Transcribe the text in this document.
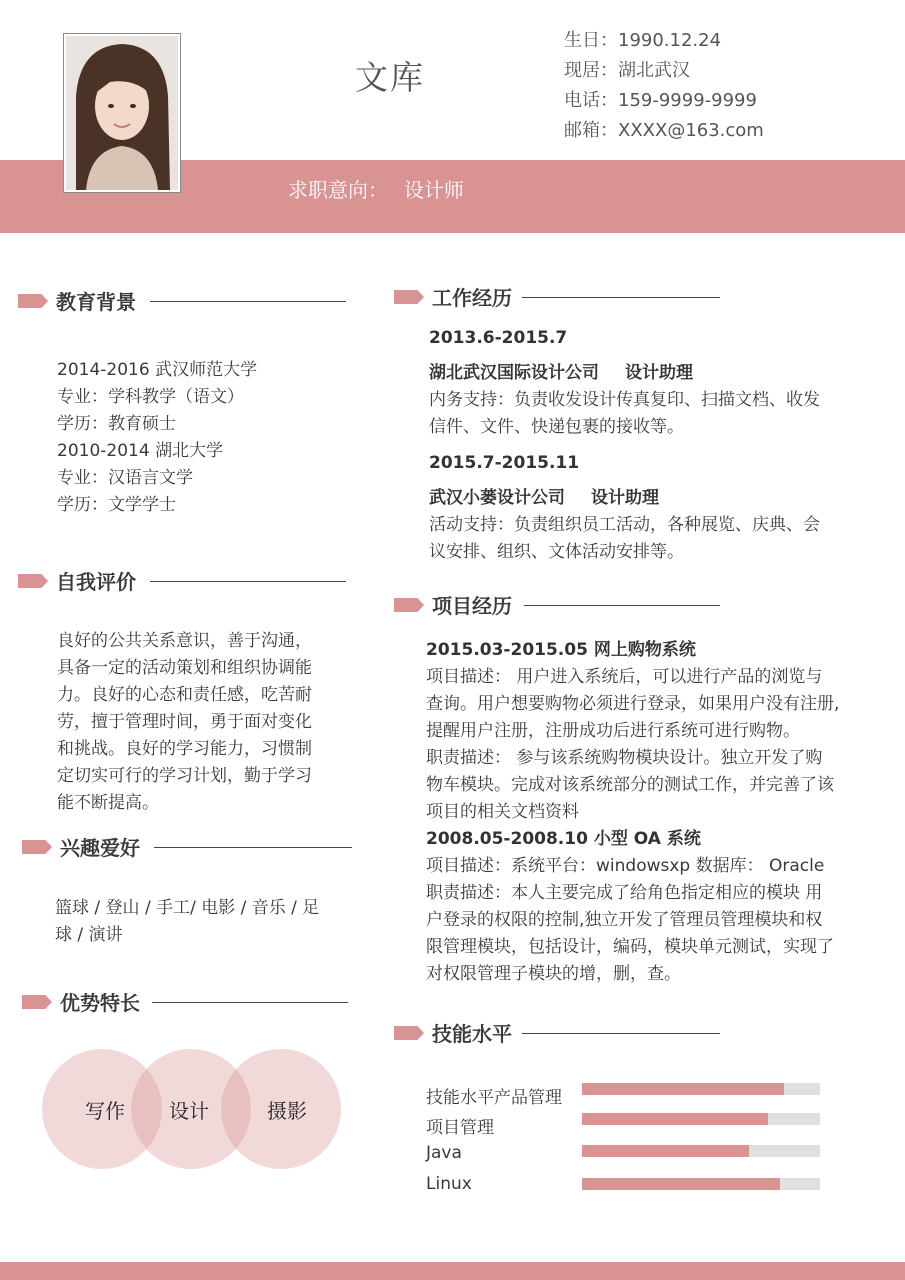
文库
生日：1990.12.24
现居：湖北武汉
电话：159-9999-9999
邮箱：XXXX@163.com
求职意向： 设计师
教育背景
2014-2016 武汉师范大学
专业：学科教学（语文）
学历：教育硕士
2010-2014 湖北大学
专业：汉语言文学
学历：文学学士
自我评价
良好的公共关系意识，善于沟通，
具备一定的活动策划和组织协调能
力。良好的心态和责任感，吃苦耐
劳，擅于管理时间，勇于面对变化
和挑战。良好的学习能力，习惯制
定切实可行的学习计划，勤于学习
能不断提高。
兴趣爱好
篮球 / 登山 / 手工/ 电影 / 音乐 / 足
球 / 演讲
优势特长
写作	设计	摄影
工作经历
2013.6-2015.7
湖北武汉国际设计公司 设计助理
内务支持：负责收发设计传真复印、扫描文档、收发
信件、文件、快递包裹的接收等。
2015.7-2015.11
武汉小蒌设计公司 设计助理
活动支持：负责组织员工活动，各种展览、庆典、会
议安排、组织、文体活动安排等。
项目经历
2015.03-2015.05 网上购物系统
项目描述： 用户进入系统后，可以进行产品的浏览与
查询。用户想要购物必须进行登录，如果用户没有注册,
提醒用户注册，注册成功后进行系统可进行购物。
职责描述： 参与该系统购物模块设计。独立开发了购
物车模块。完成对该系统部分的测试工作，并完善了该
项目的相关文档资料
2008.05-2008.10 小型 OA 系统
项目描述：系统平台：windowsxp 数据库： Oracle
职责描述：本人主要完成了给角色指定相应的模块 用
户登录的权限的控制,独立开发了管理员管理模块和权
限管理模块，包括设计，编码，模块单元测试，实现了
对权限管理子模块的增，删，查。
技能水平
技能水平产品管理
项目管理
Java
Linux
